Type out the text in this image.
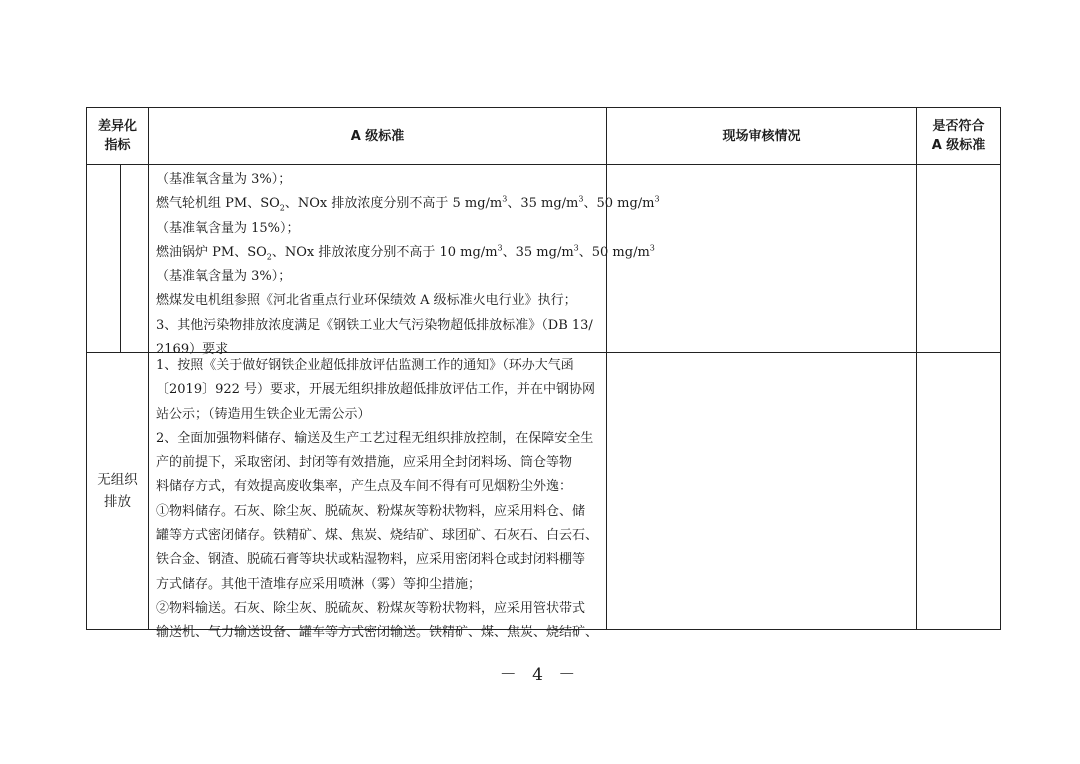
差异化
指标
A 级标准	现场审核情况
是否符合
A 级标准
（基准氧含量为 3%）；
燃气轮机组 PM、$SO_2$、NOx 排放浓度分别不高于 5 $mg/m^3$、35 $mg/m^3$、50 $mg/m^3$
（基准氧含量为 15%）；
燃油锅炉 PM、$SO_2$、NOx 排放浓度分别不高于 10 $mg/m^3$、35 $mg/m^3$、50 $mg/m^3$
（基准氧含量为 3%）；
燃煤发电机组参照《河北省重点行业环保绩效 A 级标准火电行业》执行；
3、其他污染物排放浓度满足《钢铁工业大气污染物超低排放标准》（DB 13/
2169）要求
无组织
排放
1、按照《关于做好钢铁企业超低排放评估监测工作的通知》（环办大气函
〔2019〕922 号）要求，开展无组织排放超低排放评估工作，并在中钢协网
站公示；（铸造用生铁企业无需公示）
2、全面加强物料储存、输送及生产工艺过程无组织排放控制，在保障安全生
产的前提下，采取密闭、封闭等有效措施，应采用全封闭料场、筒仓等物
料储存方式，有效提高废收集率，产生点及车间不得有可见烟粉尘外逸：
①物料储存。石灰、除尘灰、脱硫灰、粉煤灰等粉状物料，应采用料仓、储
罐等方式密闭储存。铁精矿、煤、焦炭、烧结矿、球团矿、石灰石、白云石、
铁合金、钢渣、脱硫石膏等块状或粘湿物料，应采用密闭料仓或封闭料棚等
方式储存。其他干渣堆存应采用喷淋（雾）等抑尘措施；
②物料输送。石灰、除尘灰、脱硫灰、粉煤灰等粉状物料，应采用管状带式
输送机、气力输送设备、罐车等方式密闭输送。铁精矿、煤、焦炭、烧结矿、
－ 4 －
